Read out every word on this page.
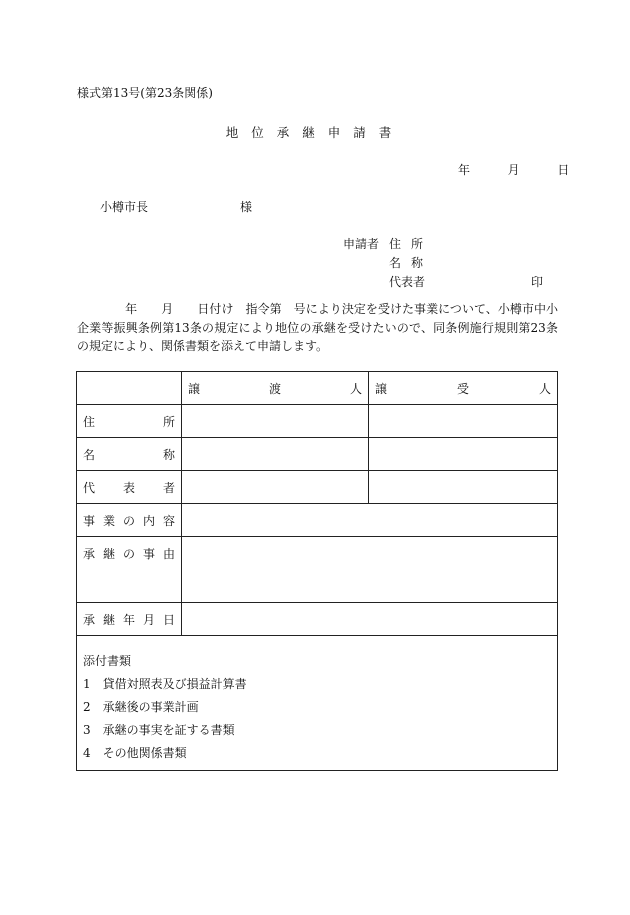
様式第13号(第23条関係)
地位承継申請書
年	月	日
小樽市長	様
申請者 住所
名称
代表者	印
　　　　年　　月　　日付け　指令第　号により決定を受けた事業について、小樽市中小企業等振興条例第13条の規定により地位の承継を受けたいので、同条例施行規則第23条の規定により、関係書類を添えて申請します。
	譲渡人	譲受人
住所		
名称		
代表者		
事業の内容		
承継の事由		
承継年月日		

添付書類
1　 貸借対照表及び損益計算書
2　 承継後の事業計画
3　 承継の事実を証する書類
4　 その他関係書類		
